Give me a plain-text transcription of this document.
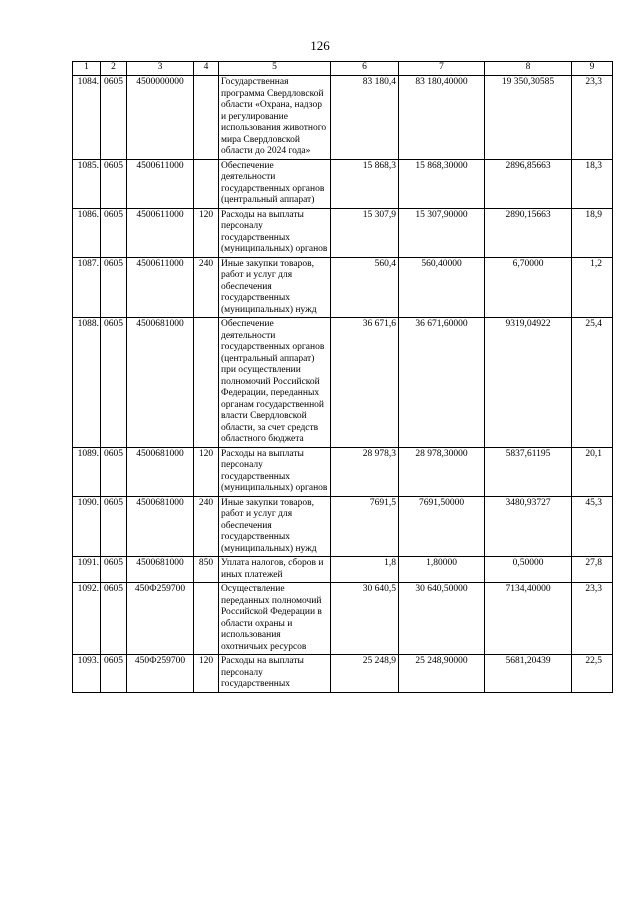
126
1	2	3	4	5	6	7	8	9
1084.	0605	4500000000		Государственная программа Свердловской области «Охрана, надзор и регулирование использования животного мира Свердловской области до 2024 года»	83 180,4	83 180,40000	19 350,30585	23,3
1085.	0605	4500611000		Обеспечение деятельности государственных органов (центральный аппарат)	15 868,3	15 868,30000	2896,85663	18,3
1086.	0605	4500611000	120	Расходы на выплаты персоналу государственных (муниципальных) органов	15 307,9	15 307,90000	2890,15663	18,9
1087.	0605	4500611000	240	Иные закупки товаров, работ и услуг для обеспечения государственных (муниципальных) нужд	560,4	560,40000	6,70000	1,2
1088.	0605	4500681000		Обеспечение деятельности государственных органов (центральный аппарат) при осуществлении полномочий Российской Федерации, переданных органам государственной власти Свердловской области, за счет средств областного бюджета	36 671,6	36 671,60000	9319,04922	25,4
1089.	0605	4500681000	120	Расходы на выплаты персоналу государственных (муниципальных) органов	28 978,3	28 978,30000	5837,61195	20,1
1090.	0605	4500681000	240	Иные закупки товаров, работ и услуг для обеспечения государственных (муниципальных) нужд	7691,5	7691,50000	3480,93727	45,3
1091.	0605	4500681000	850	Уплата налогов, сборов и иных платежей	1,8	1,80000	0,50000	27,8
1092.	0605	450Ф259700		Осуществление переданных полномочий Российской Федерации в области охраны и использования охотничьих ресурсов	30 640,5	30 640,50000	7134,40000	23,3
1093.	0605	450Ф259700	120	Расходы на выплаты персоналу государственных	25 248,9	25 248,90000	5681,20439	22,5
